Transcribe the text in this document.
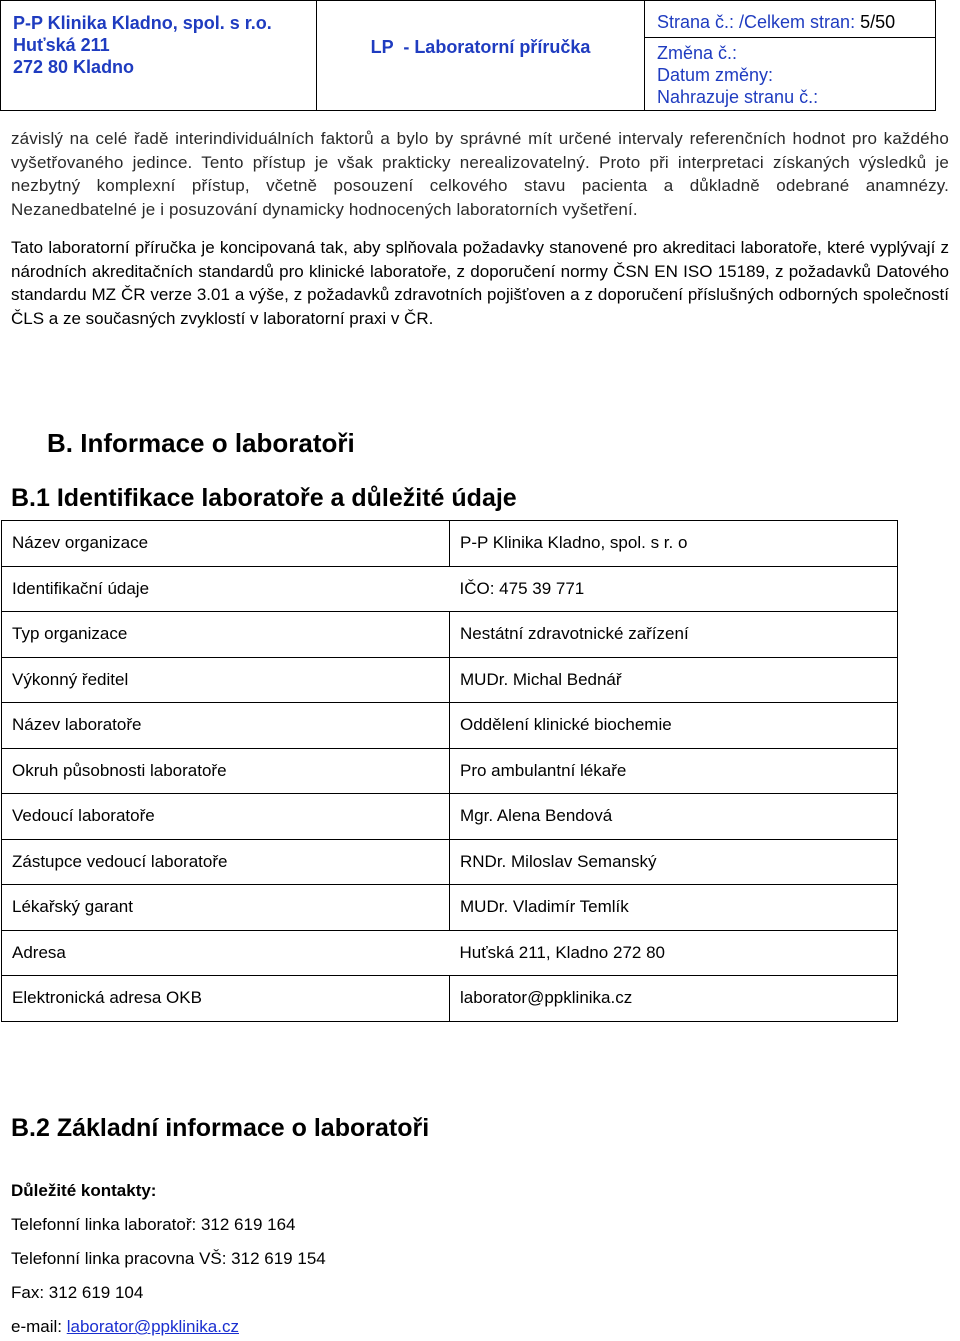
P-P Klinika Kladno, spol. s r.o.
Huťská 211
272 80 Kladno
LP  - Laboratorní příručka
Strana č.: /Celkem stran: 5/50
Změna č.:
Datum změny:
Nahrazuje stranu č.:
závislý na celé řadě interindividuálních faktorů a bylo by správné mít určené intervaly referenčních hodnot pro každého vyšetřovaného jedince. Tento přístup je však prakticky nerealizovatelný. Proto při interpretaci získaných výsledků je nezbytný komplexní přístup, včetně posouzení celkového stavu pacienta a důkladně odebrané anamnézy. Nezanedbatelné je i posuzování dynamicky hodnocených laboratorních vyšetření.
Tato laboratorní příručka je koncipovaná tak, aby splňovala požadavky stanovené pro akreditaci laboratoře, které vyplývají z národních akreditačních standardů pro klinické laboratoře, z doporučení normy ČSN EN ISO 15189, z požadavků Datového standardu MZ ČR verze 3.01 a výše, z požadavků zdravotních pojišťoven a z doporučení příslušných odborných společností ČLS a ze současných zvyklostí v laboratorní praxi v ČR.
B. Informace o laboratoři
B.1 Identifikace laboratoře a důležité údaje
Název organizace	P-P Klinika Kladno, spol. s r. o
Identifikační údaje	IČO: 475 39 771
Typ organizace	Nestátní zdravotnické zařízení
Výkonný ředitel	MUDr. Michal Bednář
Název laboratoře	Oddělení klinické biochemie
Okruh působnosti laboratoře	Pro ambulantní lékaře
Vedoucí laboratoře	Mgr. Alena Bendová
Zástupce vedoucí laboratoře	RNDr. Miloslav Semanský
Lékařský garant	MUDr. Vladimír Temlík
Adresa	Huťská 211, Kladno 272 80
Elektronická adresa OKB	laborator@ppklinika.cz
B.2 Základní informace o laboratoři
Důležité kontakty:
Telefonní linka laboratoř: 312 619 164
Telefonní linka pracovna VŠ: 312 619 154
Fax: 312 619 104
e-mail: laborator@ppklinika.cz
